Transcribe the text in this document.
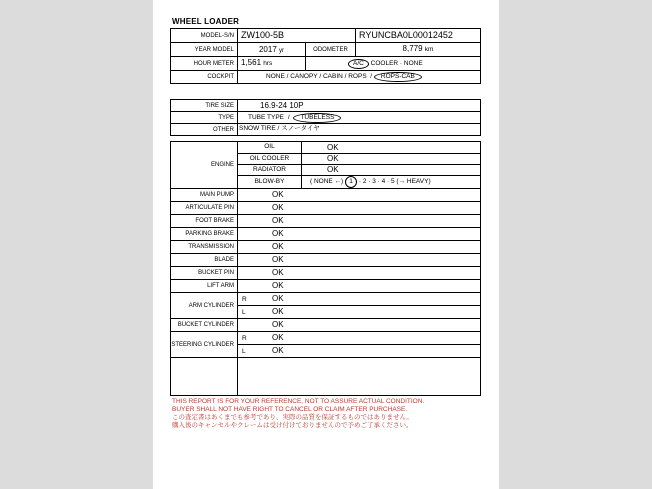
WHEEL LOADER
MODEL-S/N	ZW100-5B		RYUNCBA0L00012452
YEAR MODEL	2017 yr	ODOMETER	8,779 km
HOUR METER	1,561 hrs	A/C COOLER · NONE	
COCKPIT	NONE / CANOPY / CABIN / ROPS  / ROPS-CAB		
TIRE SIZE	16.9-24 10P
TYPE	TUBE TYPE / TUBELESS
OTHER	SNOW TIRE / スノータイヤ
ENGINE	OIL	OK
	OIL COOLER	OK
	RADIATOR	OK
	BLOW-BY	( NONE ←) 1 · 2 · 3 · 4 · 5 (→ HEAVY)
MAIN PUMP	OK	
ARTICULATE PIN	OK	
FOOT BRAKE	OK	
PARKING BRAKE	OK	
TRANSMISSION	OK	
BLADE	OK	
BUCKET PIN	OK	
LIFT ARM	OK	
ARM CYLINDER	R OK	
	L OK	
BUCKET CYLINDER	OK	
STEERING CYLINDER	R OK	
	L OK	

THIS REPORT IS FOR YOUR REFERENCE, NOT TO ASSURE ACTUAL CONDITION.
BUYER SHALL NOT HAVE RIGHT TO CANCEL OR CLAIM AFTER PURCHASE.
この査定書はあくまでも参考であり、実際の品質を保証するものではありません。
購入後のキャンセルやクレームは受け付けておりませんので予めご了承ください。
